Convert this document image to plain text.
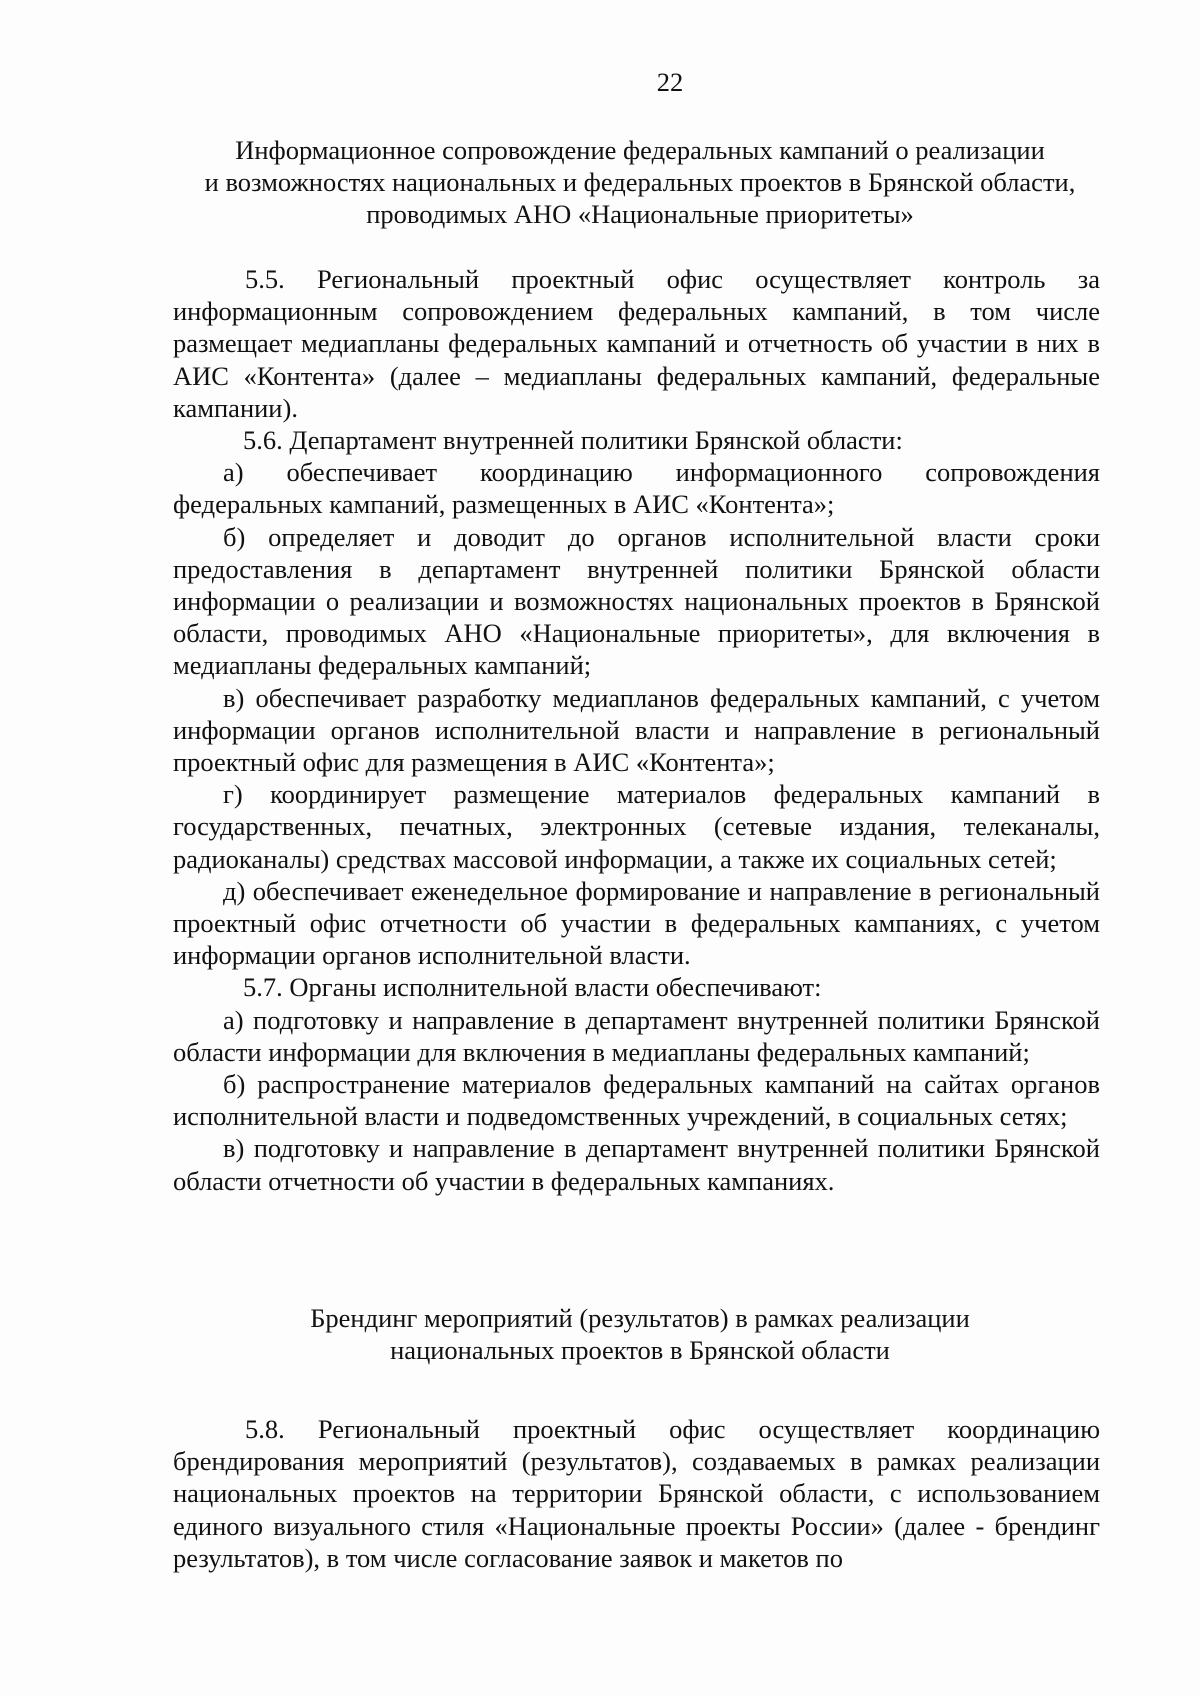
22
Информационное сопровождение федеральных кампаний о реализации
и возможностях национальных и федеральных проектов в Брянской области,
проводимых АНО «Национальные приоритеты»

5.5. Региональный проектный офис осуществляет контроль за информационным сопровождением федеральных кампаний, в том числе размещает медиапланы федеральных кампаний и отчетность об участии в них в АИС «Контента» (далее – медиапланы федеральных кампаний, федеральные кампании).

5.6. Департамент внутренней политики Брянской области:

а) обеспечивает координацию информационного сопровождения федеральных кампаний, размещенных в АИС «Контента»;

б) определяет и доводит до органов исполнительной власти сроки предоставления в департамент внутренней политики Брянской области информации о реализации и возможностях национальных проектов в Брянской области, проводимых АНО «Национальные приоритеты», для включения в медиапланы федеральных кампаний;

в) обеспечивает разработку медиапланов федеральных кампаний, с учетом информации органов исполнительной власти и направление в региональный проектный офис для размещения в АИС «Контента»;

г) координирует размещение материалов федеральных кампаний в государственных, печатных, электронных (сетевые издания, телеканалы, радиоканалы) средствах массовой информации, а также их социальных сетей;

д) обеспечивает еженедельное формирование и направление в региональный проектный офис отчетности об участии в федеральных кампаниях, с учетом информации органов исполнительной власти.

5.7. Органы исполнительной власти обеспечивают:

а) подготовку и направление в департамент внутренней политики Брянской области информации для включения в медиапланы федеральных кампаний;

б) распространение материалов федеральных кампаний на сайтах органов исполнительной власти и подведомственных учреждений, в социальных сетях;

в) подготовку и направление в департамент внутренней политики Брянской области отчетности об участии в федеральных кампаниях.

Брендинг мероприятий (результатов) в рамках реализации
национальных проектов в Брянской области

5.8. Региональный проектный офис осуществляет координацию брендирования мероприятий (результатов), создаваемых в рамках реализации национальных проектов на территории Брянской области, с использованием единого визуального стиля «Национальные проекты России» (далее - брендинг результатов), в том числе согласование заявок и макетов по
